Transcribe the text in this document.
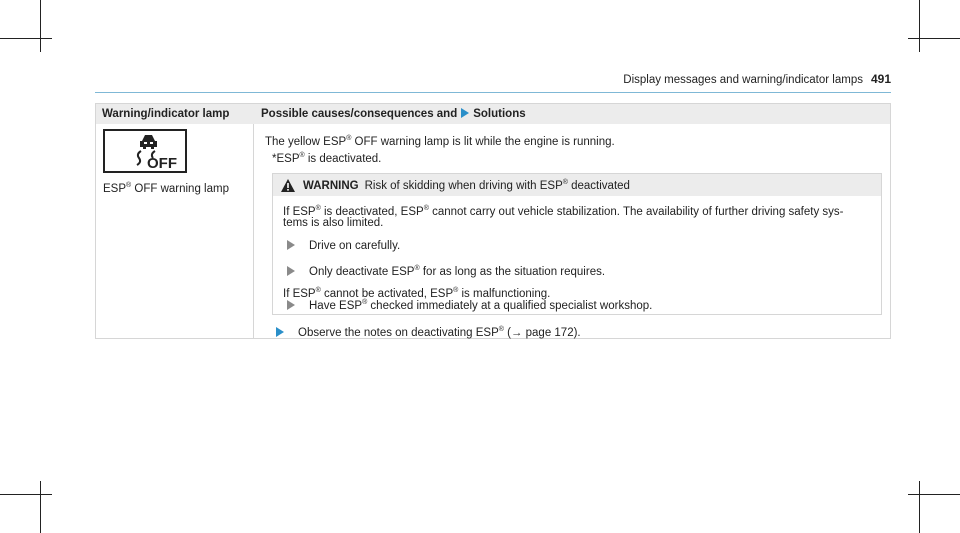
Display messages and warning/indicator lamps 491
Warning/indicator lamp	Possible causes/consequences and Solutions
OFF
ESP® OFF warning lamp
The yellow ESP® OFF warning lamp is lit while the engine is running.
*ESP® is deactivated.
WARNING Risk of skidding when driving with ESP® deactivated
If ESP® is deactivated, ESP® cannot carry out vehicle stabilization. The availability of further driving safety sys-
tems is also limited.
Drive on carefully.
Only deactivate ESP® for as long as the situation requires.
If ESP® cannot be activated, ESP® is malfunctioning.
Have ESP® checked immediately at a qualified specialist workshop.
Observe the notes on deactivating ESP® (→ page 172).
